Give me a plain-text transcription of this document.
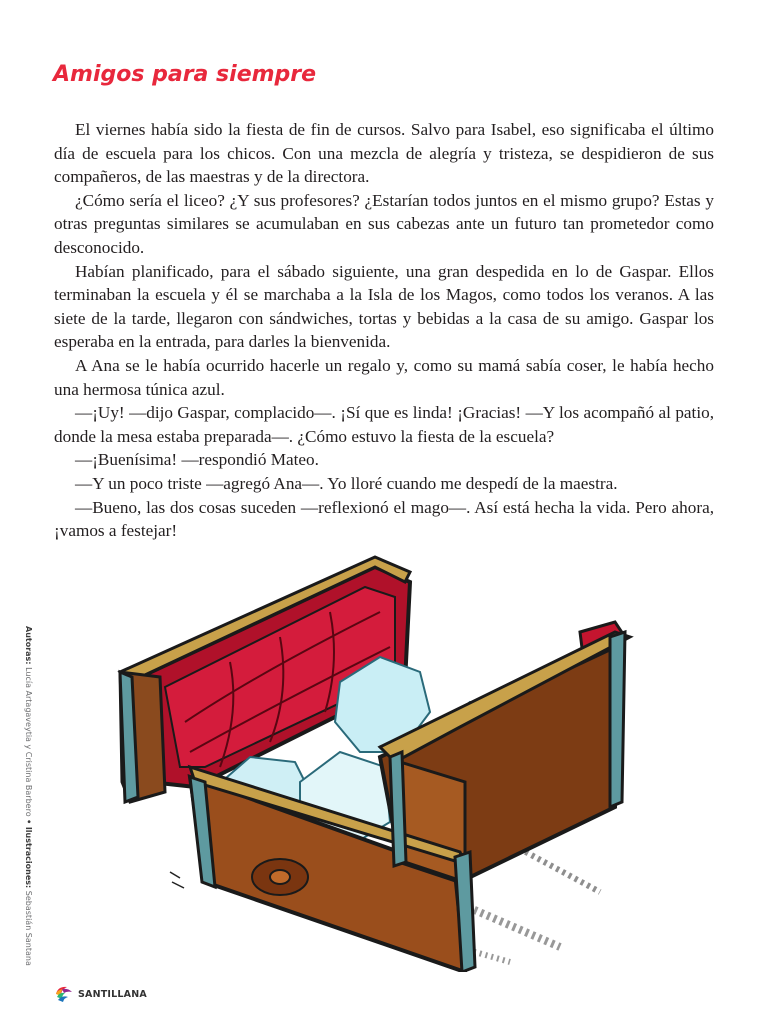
Amigos para siempre

El viernes había sido la fiesta de fin de cursos. Salvo para Isabel, eso significaba el último día de escuela para los chicos. Con una mezcla de alegría y tristeza, se despidieron de sus compañeros, de las maestras y de la directora.

¿Cómo sería el liceo? ¿Y sus profesores? ¿Estarían todos juntos en el mismo grupo? Estas y otras preguntas similares se acumulaban en sus cabezas ante un futuro tan prometedor como desconocido.

Habían planificado, para el sábado siguiente, una gran despedida en lo de Gaspar. Ellos terminaban la escuela y él se marchaba a la Isla de los Magos, como todos los veranos. A las siete de la tarde, llegaron con sándwiches, tortas y bebidas a la casa de su amigo. Gaspar los esperaba en la entrada, para darles la bienvenida.

A Ana se le había ocurrido hacerle un regalo y, como su mamá sabía coser, le había hecho una hermosa túnica azul.

—¡Uy! —dijo Gaspar, complacido—. ¡Sí que es linda! ¡Gracias! —Y los acompañó al patio, donde la mesa estaba preparada—. ¿Cómo estuvo la fiesta de la escuela?

—¡Buenísima! —respondió Mateo.

—Y un poco triste —agregó Ana—. Yo lloré cuando me despedí de la maestra.

—Bueno, las dos cosas suceden —reflexionó el mago—. Así está hecha la vida. Pero ahora, ¡vamos a festejar!

Autoras: Lucía Artagaveytia y Cristina Barbero • Ilustraciones: Sebastián Santana
SANTILLANA
